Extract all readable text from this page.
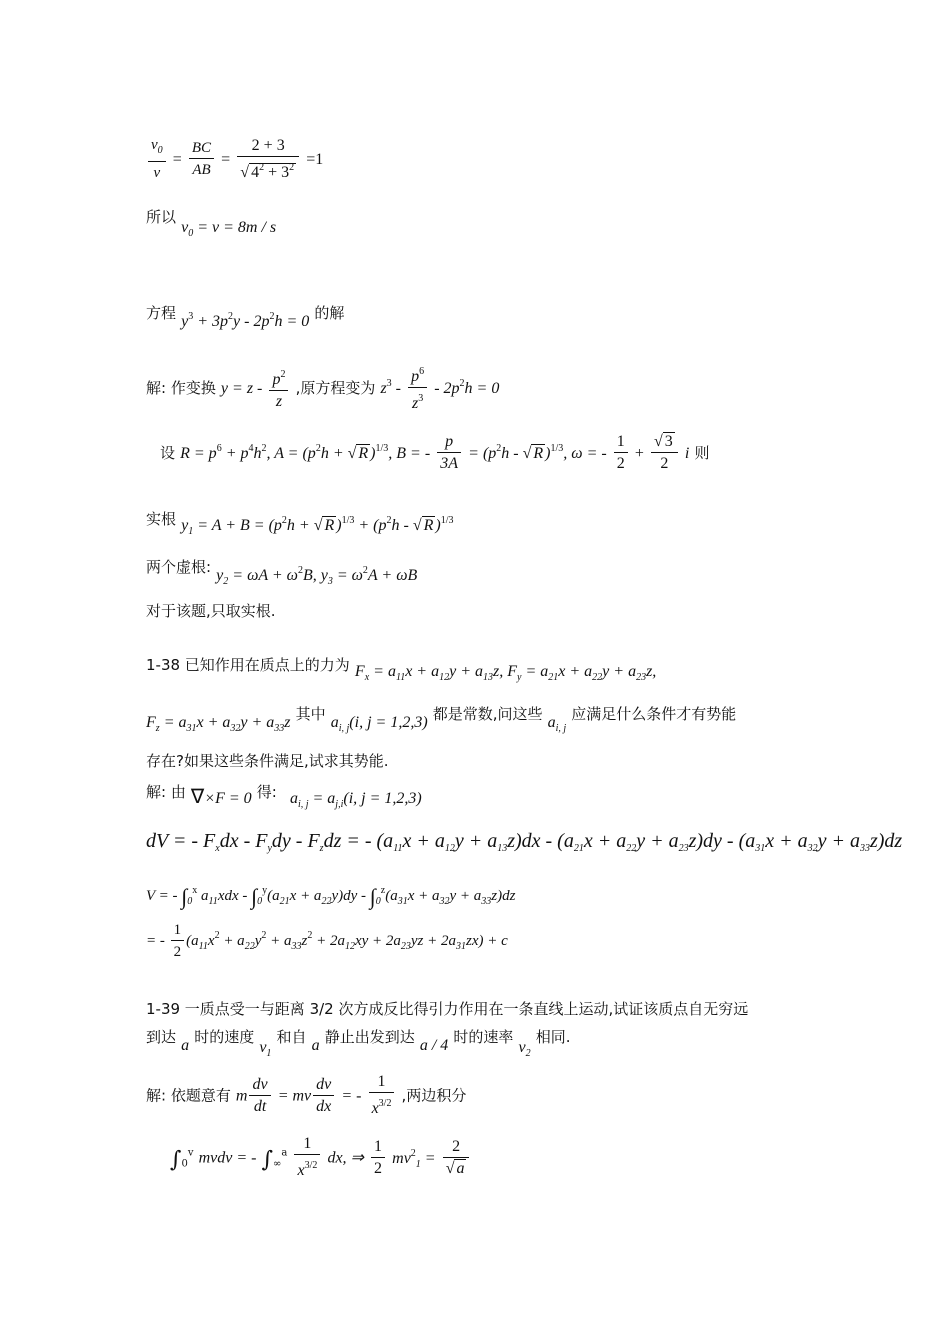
$\frac{v_0}{v} = \frac{BC}{AB} = \frac{2 + 3}{√ 4^2 + 3^2} =1$
所以 $v_0 = v = 8m / s$
方程 $y^3 + 3p^2y - 2p^2h = 0$ 的解
解: 作变换 $y = z - \frac{p^2}{z}$ ,原方程变为 $z^3 - \frac{p^6}{z^3} - 2p^2h = 0$
设 $R = p^6 + p^4h^2$, $A = (p^2h$ + √ R )$^{1/3}$, B = - $\frac{p}{3A} = (p^2h$ - √ R )$^{1/3}$, ω = - $\frac{1}{2} + \frac{√ 3}{2}$ i 则
实根 $y_1 = A + B = (p^2h$ + √ R )$^{1/3} + (p^2h$ - √ R )$^{1/3}$
两个虚根: $y_2 = \omega A + \omega^2B$, $y_3 = \omega^2A + \omega B$
对于该题,只取实根.
1-38 已知作用在质点上的力为 $F_x = a_{11}x + a_{12}y + a_{13}z$, $F_y = a_{21}x + a_{22}y + a_{23}z$,
$F_z = a_{31}x + a_{32}y + a_{33}z$ 其中 $a_{i, j}(i$, j = 1,2,3) 都是常数,问这些 $a_{i, j}$ 应满足什么条件才有势能
存在?如果这些条件满足,试求其势能.
解: 由 ∇×F = 0 得: $a_{i, j} = a_{j,i}(i$, j = 1,2,3)
dV = - $F_xdx - F_ydy - F_zdz$ = - $(a_{11}x + a_{12}y + a_{13}z)dx - (a_{21}x + a_{22}y + a_{23}z)dy - (a_{31}x + a_{32}y + a_{33}z)dz$
V = - $\int_0^x$ $a_{11}xdx - \int_0^y(a_{21}x + a_{22}y)dy - \int_0^z(a_{31}x + a_{32}y + a_{33}z)dz$
= - $\frac{1}{2} (a_{11}x^2 + a_{22}y^2 + a_{33}z^2 + 2a_{12}xy + 2a_{23}yz + 2a_{31}zx) + c$
1-39 一质点受一与距离 3/2 次方成反比得引力作用在一条直线上运动,试证该质点自无穷远
到达 a 时的速度 $v_1$ 和自 a 静止出发到达 a / 4 时的速率 $v_2$ 相同.
解: 依题意有 m $\frac{dv}{dt}$ = mv $\frac{dv}{dx}$ = - $\frac{1}{x^{3/2}}$ ,两边积分
$\int_0^v$ mvdv = - $\int_\infty^a \frac{1}{x^{3/2}}$ dx, ⇒ $\frac{1}{2} mv^2_1 = \frac{2}{√ a}$
